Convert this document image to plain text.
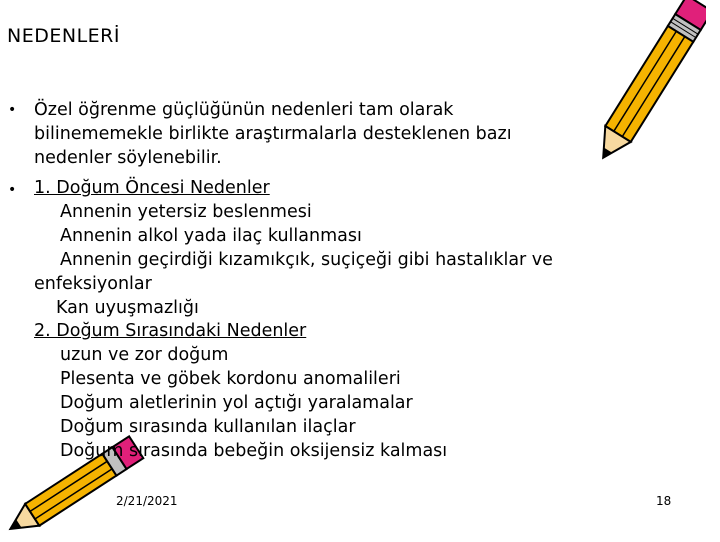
NEDENLERİ
• Özel öğrenme güçlüğünün nedenleri tam olarak
bilinememekle birlikte araştırmalarla desteklenen bazı
nedenler söylenebilir.
• 1. Doğum Öncesi Nedenler
Annenin yetersiz beslenmesi
Annenin alkol yada ilaç kullanması
Annenin geçirdiği kızamıkçık, suçiçeği gibi hastalıklar ve
enfeksiyonlar
Kan uyuşmazlığı
2. Doğum Sırasındaki Nedenler
uzun ve zor doğum
Plesenta ve göbek kordonu anomalileri
Doğum aletlerinin yol açtığı yaralamalar
Doğum sırasında kullanılan ilaçlar
Doğum sırasında bebeğin oksijensiz kalması
2/21/2021	18
